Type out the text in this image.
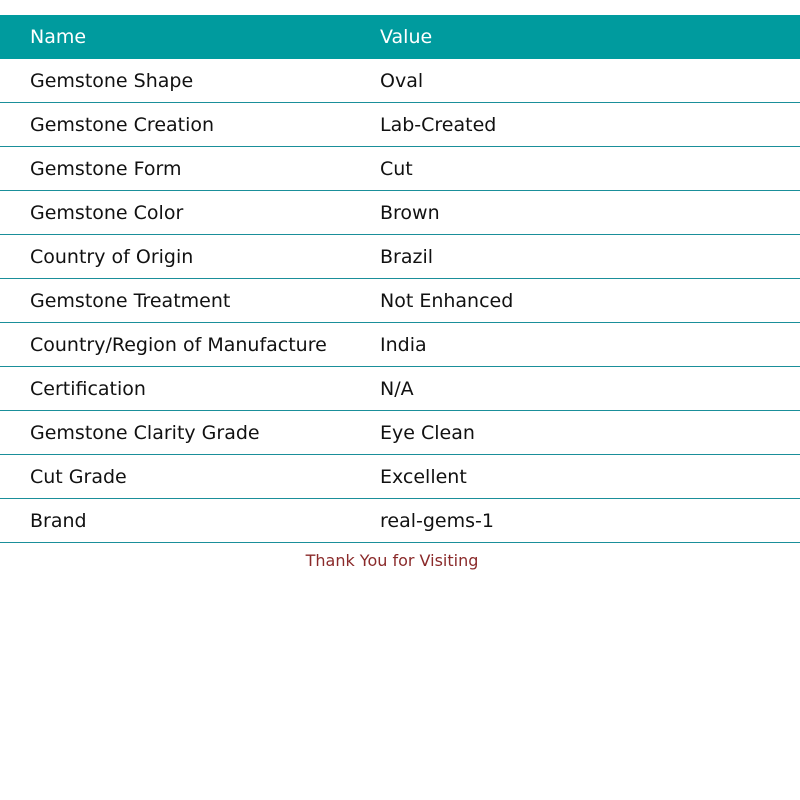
Name	Value
Gemstone Shape	Oval
Gemstone Creation	Lab-Created
Gemstone Form	Cut
Gemstone Color	Brown
Country of Origin	Brazil
Gemstone Treatment	Not Enhanced
Country/Region of Manufacture	India
Certification	N/A
Gemstone Clarity Grade	Eye Clean
Cut Grade	Excellent
Brand	real-gems-1
Thank You for Visiting
